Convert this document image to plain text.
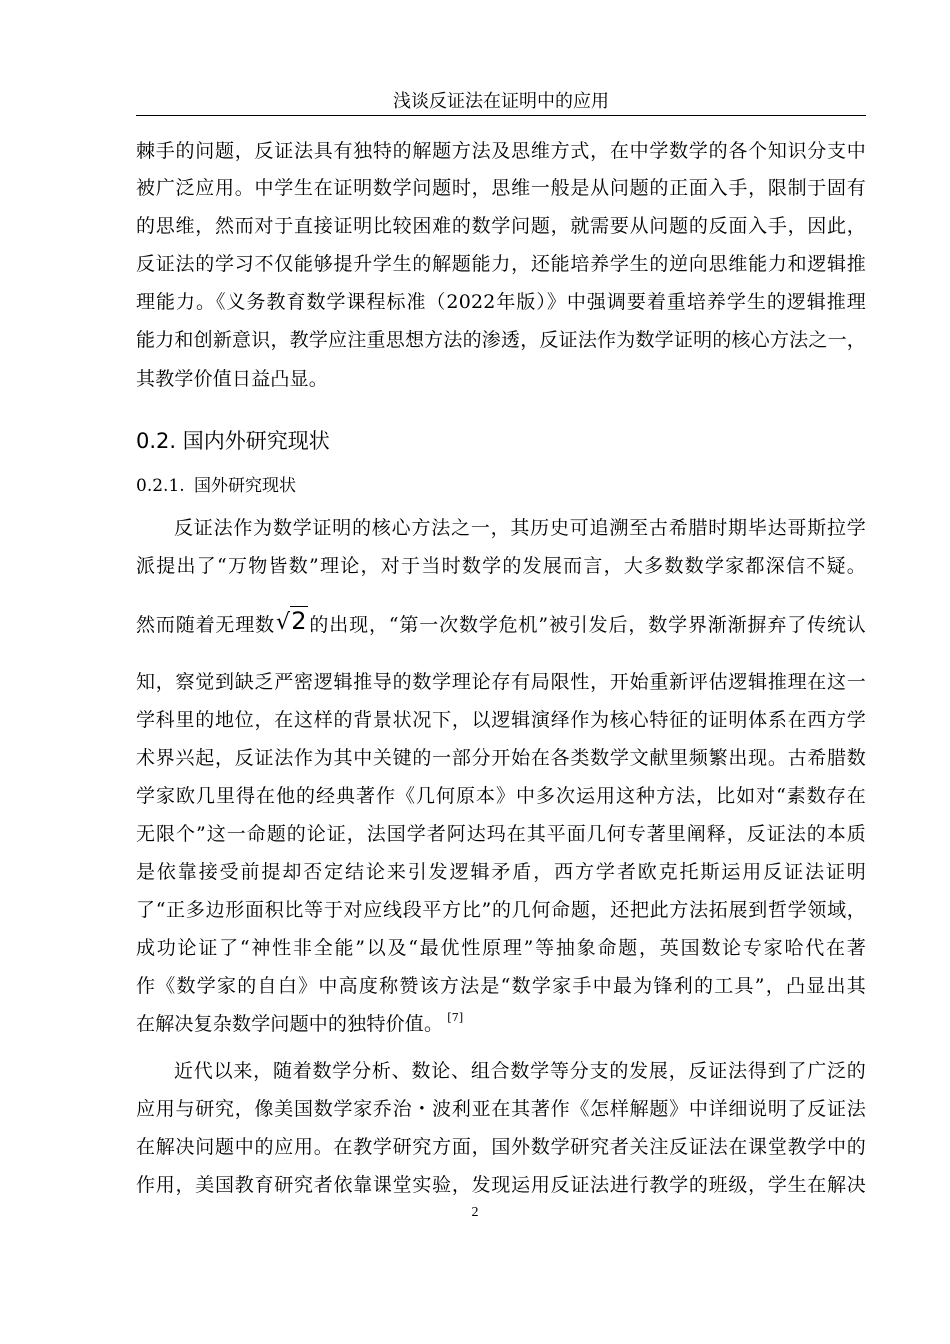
浅谈反证法在证明中的应用
棘手的问题，反证法具有独特的解题方法及思维方式，在中学数学的各个知识分支中
被广泛应用。中学生在证明数学问题时，思维一般是从问题的正面入手，限制于固有
的思维，然而对于直接证明比较困难的数学问题，就需要从问题的反面入手，因此，
反证法的学习不仅能够提升学生的解题能力，还能培养学生的逆向思维能力和逻辑推
理能力。《义务教育数学课程标准（2022年版）》中强调要着重培养学生的逻辑推理
能力和创新意识，教学应注重思想方法的渗透，反证法作为数学证明的核心方法之一，
其教学价值日益凸显。
0.2. 国内外研究现状
0.2.1. 国外研究现状
反证法作为数学证明的核心方法之一，其历史可追溯至古希腊时期毕达哥斯拉学
派提出了“万物皆数”理论，对于当时数学的发展而言，大多数数学家都深信不疑。
然而随着无理数√2 的出现，“第一次数学危机”被引发后，数学界渐渐摒弃了传统认
知，察觉到缺乏严密逻辑推导的数学理论存有局限性，开始重新评估逻辑推理在这一
学科里的地位，在这样的背景状况下，以逻辑演绎作为核心特征的证明体系在西方学
术界兴起，反证法作为其中关键的一部分开始在各类数学文献里频繁出现。古希腊数
学家欧几里得在他的经典著作《几何原本》中多次运用这种方法，比如对“素数存在
无限个”这一命题的论证，法国学者阿达玛在其平面几何专著里阐释，反证法的本质
是依靠接受前提却否定结论来引发逻辑矛盾，西方学者欧克托斯运用反证法证明
了“正多边形面积比等于对应线段平方比”的几何命题，还把此方法拓展到哲学领域，
成功论证了“神性非全能”以及“最优性原理”等抽象命题，英国数论专家哈代在著
作《数学家的自白》中高度称赞该方法是“数学家手中最为锋利的工具”，凸显出其
在解决复杂数学问题中的独特价值。 [7]
近代以来，随着数学分析、数论、组合数学等分支的发展，反证法得到了广泛的
应用与研究，像美国数学家乔治・波利亚在其著作《怎样解题》中详细说明了反证法
在解决问题中的应用。在教学研究方面，国外数学研究者关注反证法在课堂教学中的
作用，美国教育研究者依靠课堂实验，发现运用反证法进行教学的班级，学生在解决
2
